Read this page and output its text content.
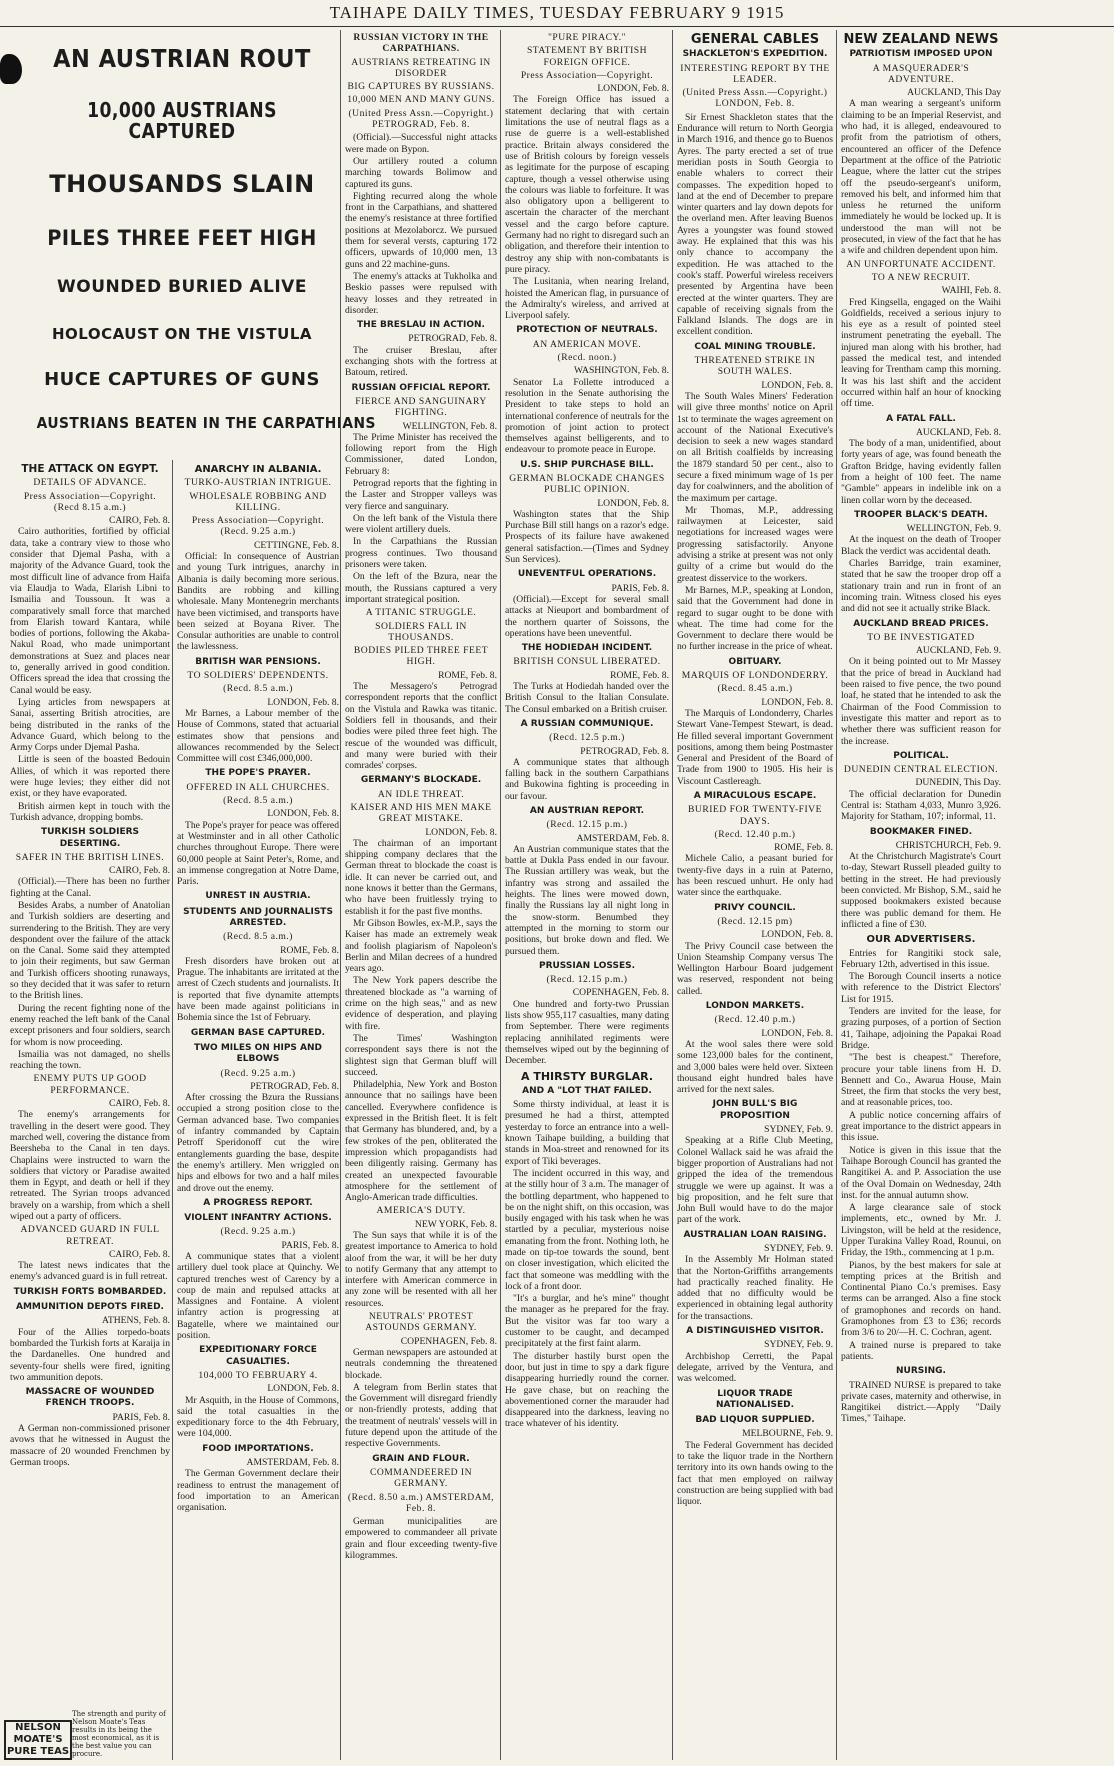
TAIHAPE DAILY TIMES, TUESDAY FEBRUARY 9 1915
AN AUSTRIAN ROUT
10,000 AUSTRIANS CAPTURED
THOUSANDS SLAIN
PILES THREE FEET HIGH
WOUNDED BURIED ALIVE
HOLOCAUST ON THE VISTULA
HUCE CAPTURES OF GUNS
AUSTRIANS BEATEN IN THE CARPATHIANS
THE ATTACK ON EGYPT.
DETAILS OF ADVANCE.
Press Association—Copyright. (Recd 8.15 a.m.)
CAIRO, Feb. 8.

Cairo authorities, fortified by official data, take a contrary view to those who consider that Djemal Pasha, with a majority of the Advance Guard, took the most difficult line of advance from Haifa via Elaudja to Wada, Elarish Libni to Ismailia and Toussoun. It was a comparatively small force that marched from Elarish toward Kantara, while bodies of portions, following the Akaba-Nakul Road, who made unimportant demonstrations at Suez and places near to, generally arrived in good condition. Officers spread the idea that crossing the Canal would be easy.

Lying articles from newspapers at Sanai, asserting British atrocities, are being distributed in the ranks of the Advance Guard, which belong to the Army Corps under Djemal Pasha.

Little is seen of the boasted Bedouin Allies, of which it was reported there were huge levies; they either did not exist, or they have evaporated.

British airmen kept in touch with the Turkish advance, dropping bombs.

TURKISH SOLDIERS DESERTING.
SAFER IN THE BRITISH LINES.
CAIRO, Feb. 8.

(Official).—There has been no further fighting at the Canal.

Besides Arabs, a number of Anatolian and Turkish soldiers are deserting and surrendering to the British. They are very despondent over the failure of the attack on the Canal. Some said they attempted to join their regiments, but saw German and Turkish officers shooting runaways, so they decided that it was safer to return to the British lines.

During the recent fighting none of the enemy reached the left bank of the Canal except prisoners and four soldiers, search for whom is now proceeding.

Ismailia was not damaged, no shells reaching the town.

ENEMY PUTS UP GOOD PERFORMANCE.
CAIRO, Feb. 8.

The enemy's arrangements for travelling in the desert were good. They marched well, covering the distance from Beersheba to the Canal in ten days. Chaplains were instructed to warn the soldiers that victory or Paradise awaited them in Egypt, and death or hell if they retreated. The Syrian troops advanced bravely on a warship, from which a shell wiped out a party of officers.

ADVANCED GUARD IN FULL RETREAT.
CAIRO, Feb. 8.

The latest news indicates that the enemy's advanced guard is in full retreat.

TURKISH FORTS BOMBARDED.
AMMUNITION DEPOTS FIRED.
ATHENS, Feb. 8.

Four of the Allies torpedo-boats bombarded the Turkish forts at Karaija in the Dardanelles. One hundred and seventy-four shells were fired, igniting two ammunition depots.

MASSACRE OF WOUNDED FRENCH TROOPS.
PARIS, Feb. 8.

A German non-commissioned prisoner avows that he witnessed in August the massacre of 20 wounded Frenchmen by German troops.

NELSON MOATE'S PURE TEAS
The strength and purity of Nelson Moate's Teas results in its being the most economical, as it is the best value you can procure.
ANARCHY IN ALBANIA.
TURKO-AUSTRIAN INTRIGUE.
WHOLESALE ROBBING AND KILLING.
Press Association—Copyright. (Recd. 9.25 a.m.)
CETTINGNE, Feb. 8.

Official: In consequence of Austrian and young Turk intrigues, anarchy in Albania is daily becoming more serious. Bandits are robbing and killing wholesale. Many Montenegrin merchants have been victimised, and transports have been seized at Boyana River. The Consular authorities are unable to control the lawlessness.

BRITISH WAR PENSIONS.
TO SOLDIERS' DEPENDENTS.
(Recd. 8.5 a.m.)
LONDON, Feb. 8.

Mr Barnes, a Labour member of the House of Commons, stated that actuarial estimates show that pensions and allowances recommended by the Select Committee will cost £346,000,000.

THE POPE'S PRAYER.
OFFERED IN ALL CHURCHES.
(Recd. 8.5 a.m.)
LONDON, Feb. 8.

The Pope's prayer for peace was offered at Westminster and in all other Catholic churches throughout Europe. There were 60,000 people at Saint Peter's, Rome, and an immense congregation at Notre Dame, Paris.

UNREST IN AUSTRIA.
STUDENTS AND JOURNALISTS ARRESTED.
(Recd. 8.5 a.m.)
ROME, Feb. 8.

Fresh disorders have broken out at Prague. The inhabitants are irritated at the arrest of Czech students and journalists. It is reported that five dynamite attempts have been made against politicians in Bohemia since the 1st of February.

GERMAN BASE CAPTURED.
TWO MILES ON HIPS AND ELBOWS
(Recd. 9.25 a.m.)
PETROGRAD, Feb. 8.

After crossing the Bzura the Russians occupied a strong position close to the German advanced base. Two companies of infantry commanded by Captain Petroff Speridonoff cut the wire entanglements guarding the base, despite the enemy's artillery. Men wriggled on hips and elbows for two and a half miles and drove out the enemy.

A PROGRESS REPORT.
VIOLENT INFANTRY ACTIONS.
(Recd. 9.25 a.m.)
PARIS, Feb. 8.

A communique states that a violent artillery duel took place at Quinchy. We captured trenches west of Carency by a coup de main and repulsed attacks at Massignes and Fontaine. A violent infantry action is progressing at Bagatelle, where we maintained our position.

EXPEDITIONARY FORCE CASUALTIES.
104,000 TO FEBRUARY 4.
LONDON, Feb. 8.

Mr Asquith, in the House of Commons, said the total casualties in the expeditionary force to the 4th February, were 104,000.

FOOD IMPORTATIONS.
AMSTERDAM, Feb. 8.

The German Government declare their readiness to entrust the management of food importation to an American organisation.

RUSSIAN VICTORY IN THE CARPATHIANS.
AUSTRIANS RETREATING IN DISORDER
BIG CAPTURES BY RUSSIANS.
10,000 MEN AND MANY GUNS.
(United Press Assn.—Copyright.) PETROGRAD, Feb. 8.

(Official).—Successful night attacks were made on Bypon.

Our artillery routed a column marching towards Bolimow and captured its guns.

Fighting recurred along the whole front in the Carpathians, and shattered the enemy's resistance at three fortified positions at Mezolaborcz. We pursued them for several versts, capturing 172 officers, upwards of 10,000 men, 13 guns and 22 machine-guns.

The enemy's attacks at Tukholka and Beskio passes were repulsed with heavy losses and they retreated in disorder.

THE BRESLAU IN ACTION.
PETROGRAD, Feb. 8.

The cruiser Breslau, after exchanging shots with the fortress at Batoum, retired.

RUSSIAN OFFICIAL REPORT.
FIERCE AND SANGUINARY FIGHTING.
WELLINGTON, Feb. 8.

The Prime Minister has received the following report from the High Commissioner, dated London, February 8:

Petrograd reports that the fighting in the Laster and Stropper valleys was very fierce and sanguinary.

On the left bank of the Vistula there were violent artillery duels.

In the Carpathians the Russian progress continues. Two thousand prisoners were taken.

On the left of the Bzura, near the mouth, the Russians captured a very important strategical position.

A TITANIC STRUGGLE.
SOLDIERS FALL IN THOUSANDS.
BODIES PILED THREE FEET HIGH.
ROME, Feb. 8.

The Messagero's Petrograd correspondent reports that the conflict on the Vistula and Rawka was titanic. Soldiers fell in thousands, and their bodies were piled three feet high. The rescue of the wounded was difficult, and many were buried with their comrades' corpses.

GERMANY'S BLOCKADE.
AN IDLE THREAT.
KAISER AND HIS MEN MAKE GREAT MISTAKE.
LONDON, Feb. 8.

The chairman of an important shipping company declares that the German threat to blockade the coast is idle. It can never be carried out, and none knows it better than the Germans, who have been fruitlessly trying to establish it for the past five months.

Mr Gibson Bowles, ex-M.P., says the Kaiser has made an extremely weak and foolish plagiarism of Napoleon's Berlin and Milan decrees of a hundred years ago.

The New York papers describe the threatened blockade as "a warning of crime on the high seas," and as new evidence of desperation, and playing with fire.

The Times' Washington correspondent says there is not the slightest sign that German bluff will succeed.

Philadelphia, New York and Boston announce that no sailings have been cancelled. Everywhere confidence is expressed in the British fleet. It is felt that Germany has blundered, and, by a few strokes of the pen, obliterated the impression which propagandists had been diligently raising. Germany has created an unexpected favourable atmosphere for the settlement of Anglo-American trade difficulties.

AMERICA'S DUTY.
NEW YORK, Feb. 8.

The Sun says that while it is of the greatest importance to America to hold aloof from the war, it will be her duty to notify Germany that any attempt to interfere with American commerce in any zone will be resented with all her resources.

NEUTRALS' PROTEST ASTOUNDS GERMANY.
COPENHAGEN, Feb. 8.

German newspapers are astounded at neutrals condemning the threatened blockade.

A telegram from Berlin states that the Government will disregard friendly or non-friendly protests, adding that the treatment of neutrals' vessels will in future depend upon the attitude of the respective Governments.

GRAIN AND FLOUR.
COMMANDEERED IN GERMANY.
(Recd. 8.50 a.m.) AMSTERDAM, Feb. 8.

German municipalities are empowered to commandeer all private grain and flour exceeding twenty-five kilogrammes.

"PURE PIRACY."
STATEMENT BY BRITISH FOREIGN OFFICE.
Press Association—Copyright.
LONDON, Feb. 8.

The Foreign Office has issued a statement declaring that with certain limitations the use of neutral flags as a ruse de guerre is a well-established practice. Britain always considered the use of British colours by foreign vessels as legitimate for the purpose of escaping capture, though a vessel otherwise using the colours was liable to forfeiture. It was also obligatory upon a belligerent to ascertain the character of the merchant vessel and the cargo before capture. Germany had no right to disregard such an obligation, and therefore their intention to destroy any ship with non-combatants is pure piracy.

The Lusitania, when nearing Ireland, hoisted the American flag, in pursuance of the Admiralty's wireless, and arrived at Liverpool safely.

PROTECTION OF NEUTRALS.
AN AMERICAN MOVE.
(Recd. noon.)
WASHINGTON, Feb. 8.

Senator La Follette introduced a resolution in the Senate authorising the President to take steps to hold an international conference of neutrals for the promotion of joint action to protect themselves against belligerents, and to endeavour to promote peace in Europe.

U.S. SHIP PURCHASE BILL.
GERMAN BLOCKADE CHANGES PUBLIC OPINION.
LONDON, Feb. 8.

Washington states that the Ship Purchase Bill still hangs on a razor's edge. Prospects of its failure have awakened general satisfaction.—(Times and Sydney Sun Services).

UNEVENTFUL OPERATIONS.
PARIS, Feb. 8.

(Official).—Except for several small attacks at Nieuport and bombardment of the northern quarter of Soissons, the operations have been uneventful.

THE HODIEDAH INCIDENT.
BRITISH CONSUL LIBERATED.
ROME, Feb. 8.

The Turks at Hodiedah handed over the British Consul to the Italian Consulate. The Consul embarked on a British cruiser.

A RUSSIAN COMMUNIQUE.
(Recd. 12.5 p.m.)
PETROGRAD, Feb. 8.

A communique states that although falling back in the southern Carpathians and Bukowina fighting is proceeding in our favour.

AN AUSTRIAN REPORT.
(Recd. 12.15 p.m.)
AMSTERDAM, Feb. 8.

An Austrian communique states that the battle at Dukla Pass ended in our favour. The Russian artillery was weak, but the infantry was strong and assailed the heights. The lines were mowed down, finally the Russians lay all night long in the snow-storm. Benumbed they attempted in the morning to storm our positions, but broke down and fled. We pursued them.

PRUSSIAN LOSSES.
(Recd. 12.15 p.m.)
COPENHAGEN, Feb. 8.

One hundred and forty-two Prussian lists show 955,117 casualties, many dating from September. There were regiments replacing annihilated regiments were themselves wiped out by the beginning of December.

A THIRSTY BURGLAR.
AND A "LOT THAT FAILED.

Some thirsty individual, at least it is presumed he had a thirst, attempted yesterday to force an entrance into a well-known Taihape building, a building that stands in Moa-street and renowned for its export of Tiki beverages.

The incident occurred in this way, and at the stilly hour of 3 a.m. The manager of the bottling department, who happened to be on the night shift, on this occasion, was busily engaged with his task when he was startled by a peculiar, mysterious noise emanating from the front. Nothing loth, he made on tip-toe towards the sound, bent on closer investigation, which elicited the fact that someone was meddling with the lock of a front door.

"It's a burglar, and he's mine" thought the manager as he prepared for the fray. But the visitor was far too wary a customer to be caught, and decamped precipitately at the first faint alarm.

The disturber hastily burst open the door, but just in time to spy a dark figure disappearing hurriedly round the corner. He gave chase, but on reaching the abovementioned corner the marauder had disappeared into the darkness, leaving no trace whatever of his identity.

GENERAL CABLES
SHACKLETON'S EXPEDITION.
INTERESTING REPORT BY THE LEADER.
(United Press Assn.—Copyright.) LONDON, Feb. 8.

Sir Ernest Shackleton states that the Endurance will return to North Georgia in March 1916, and thence go to Buenos Ayres. The party erected a set of true meridian posts in South Georgia to enable whalers to correct their compasses. The expedition hoped to land at the end of December to prepare winter quarters and lay down depots for the overland men. After leaving Buenos Ayres a youngster was found stowed away. He explained that this was his only chance to accompany the expedition. He was attached to the cook's staff. Powerful wireless receivers presented by Argentina have been erected at the winter quarters. They are capable of receiving signals from the Falkland Islands. The dogs are in excellent condition.

COAL MINING TROUBLE.
THREATENED STRIKE IN SOUTH WALES.
LONDON, Feb. 8.

The South Wales Miners' Federation will give three months' notice on April 1st to terminate the wages agreement on account of the National Executive's decision to seek a new wages standard on all British coalfields by increasing the 1879 standard 50 per cent., also to secure a fixed minimum wage of 1s per day for coalwinners, and the abolition of the maximum per cartage.

Mr Thomas, M.P., addressing railwaymen at Leicester, said negotiations for increased wages were progressing satisfactorily. Anyone advising a strike at present was not only guilty of a crime but would do the greatest disservice to the workers.

Mr Barnes, M.P., speaking at London, said that the Government had done in regard to sugar ought to be done with wheat. The time had come for the Government to declare there would be no further increase in the price of wheat.

OBITUARY.
MARQUIS OF LONDONDERRY.
(Recd. 8.45 a.m.)
LONDON, Feb. 8.

The Marquis of Londonderry, Charles Stewart Vane-Tempest Stewart, is dead. He filled several important Government positions, among them being Postmaster General and President of the Board of Trade from 1900 to 1905. His heir is Viscount Castlereagh.

A MIRACULOUS ESCAPE.
BURIED FOR TWENTY-FIVE DAYS.
(Recd. 12.40 p.m.)
ROME, Feb. 8.

Michele Calio, a peasant buried for twenty-five days in a ruin at Paterno, has been rescued unhurt. He only had water since the earthquake.

PRIVY COUNCIL.
(Recd. 12.15 pm)
LONDON, Feb. 8.

The Privy Council case between the Union Steamship Company versus The Wellington Harbour Board judgement was reserved, respondent not being called.

LONDON MARKETS.
(Recd. 12.40 p.m.)
LONDON, Feb. 8.

At the wool sales there were sold some 123,000 bales for the continent, and 3,000 bales were held over. Sixteen thousand eight hundred bales have arrived for the next sales.

JOHN BULL'S BIG PROPOSITION
SYDNEY, Feb. 9.

Speaking at a Rifle Club Meeting, Colonel Wallack said he was afraid the bigger proportion of Australians had not gripped the idea of the tremendous struggle we were up against. It was a big proposition, and he felt sure that John Bull would have to do the major part of the work.

AUSTRALIAN LOAN RAISING.
SYDNEY, Feb. 9.

In the Assembly Mr Holman stated that the Norton-Griffiths arrangements had practically reached finality. He added that no difficulty would be experienced in obtaining legal authority for the transactions.

A DISTINGUISHED VISITOR.
SYDNEY, Feb. 9.

Archbishop Cerretti, the Papal delegate, arrived by the Ventura, and was welcomed.

LIQUOR TRADE NATIONALISED.
BAD LIQUOR SUPPLIED.
MELBOURNE, Feb. 9.

The Federal Government has decided to take the liquor trade in the Northern territory into its own hands owing to the fact that men employed on railway construction are being supplied with bad liquor.

NEW ZEALAND NEWS
PATRIOTISM IMPOSED UPON
A MASQUERADER'S ADVENTURE.
AUCKLAND, This Day

A man wearing a sergeant's uniform claiming to be an Imperial Reservist, and who had, it is alleged, endeavoured to profit from the patriotism of others, encountered an officer of the Defence Department at the office of the Patriotic League, where the latter cut the stripes off the pseudo-sergeant's uniform, removed his belt, and informed him that unless he returned the uniform immediately he would be locked up. It is understood the man will not be prosecuted, in view of the fact that he has a wife and children dependent upon him.

AN UNFORTUNATE ACCIDENT.
TO A NEW RECRUIT.
WAIHI, Feb. 8.

Fred Kingsella, engaged on the Waihi Goldfields, received a serious injury to his eye as a result of pointed steel instrument penetrating the eyeball. The injured man along with his brother, had passed the medical test, and intended leaving for Trentham camp this morning. It was his last shift and the accident occurred within half an hour of knocking off time.

A FATAL FALL.
AUCKLAND, Feb. 8.

The body of a man, unidentified, about forty years of age, was found beneath the Grafton Bridge, having evidently fallen from a height of 100 feet. The name "Gamble" appears in indelible ink on a linen collar worn by the deceased.

TROOPER BLACK'S DEATH.
WELLINGTON, Feb. 9.

At the inquest on the death of Trooper Black the verdict was accidental death.

Charles Barridge, train examiner, stated that he saw the trooper drop off a stationary train and run in front of an incoming train. Witness closed his eyes and did not see it actually strike Black.

AUCKLAND BREAD PRICES.
TO BE INVESTIGATED
AUCKLAND, Feb. 9.

On it being pointed out to Mr Massey that the price of bread in Auckland had been raised to five pence, the two pound loaf, he stated that he intended to ask the Chairman of the Food Commission to investigate this matter and report as to whether there was sufficient reason for the increase.

POLITICAL.
DUNEDIN CENTRAL ELECTION.
DUNEDIN, This Day.

The official declaration for Dunedin Central is: Statham 4,033, Munro 3,926. Majority for Statham, 107; informal, 11.

BOOKMAKER FINED.
CHRISTCHURCH, Feb. 9.

At the Christchurch Magistrate's Court to-day, Stewart Russell pleaded guilty to betting in the street. He had previously been convicted. Mr Bishop, S.M., said he supposed bookmakers existed because there was public demand for them. He inflicted a fine of £30.

OUR ADVERTISERS.

Entries for Rangitiki stock sale, February 12th, advertised in this issue.

The Borough Council inserts a notice with reference to the District Electors' List for 1915.

Tenders are invited for the lease, for grazing purposes, of a portion of Section 41, Taihape, adjoining the Papakai Road Bridge.

"The best is cheapest." Therefore, procure your table linens from H. D. Bennett and Co., Awarua House, Main Street, the firm that stocks the very best, and at reasonable prices, too.

A public notice concerning affairs of great importance to the district appears in this issue.

Notice is given in this issue that the Taihape Borough Council has granted the Rangitikei A. and P. Association the use of the Oval Domain on Wednesday, 24th inst. for the annual autumn show.

A large clearance sale of stock implements, etc., owned by Mr. J. Livingston, will be held at the residence, Upper Turakina Valley Road, Rounui, on Friday, the 19th., commencing at 1 p.m.

Pianos, by the best makers for sale at tempting prices at the British and Continental Piano Co.'s premises. Easy terms can be arranged. Also a fine stock of gramophones and records on hand. Gramophones from £3 to £36; records from 3/6 to 20/—H. C. Cochran, agent.

A trained nurse is prepared to take patients.

NURSING.

TRAINED NURSE is prepared to take private cases, maternity and otherwise, in Rangitikei district.—Apply "Daily Times," Taihape.
